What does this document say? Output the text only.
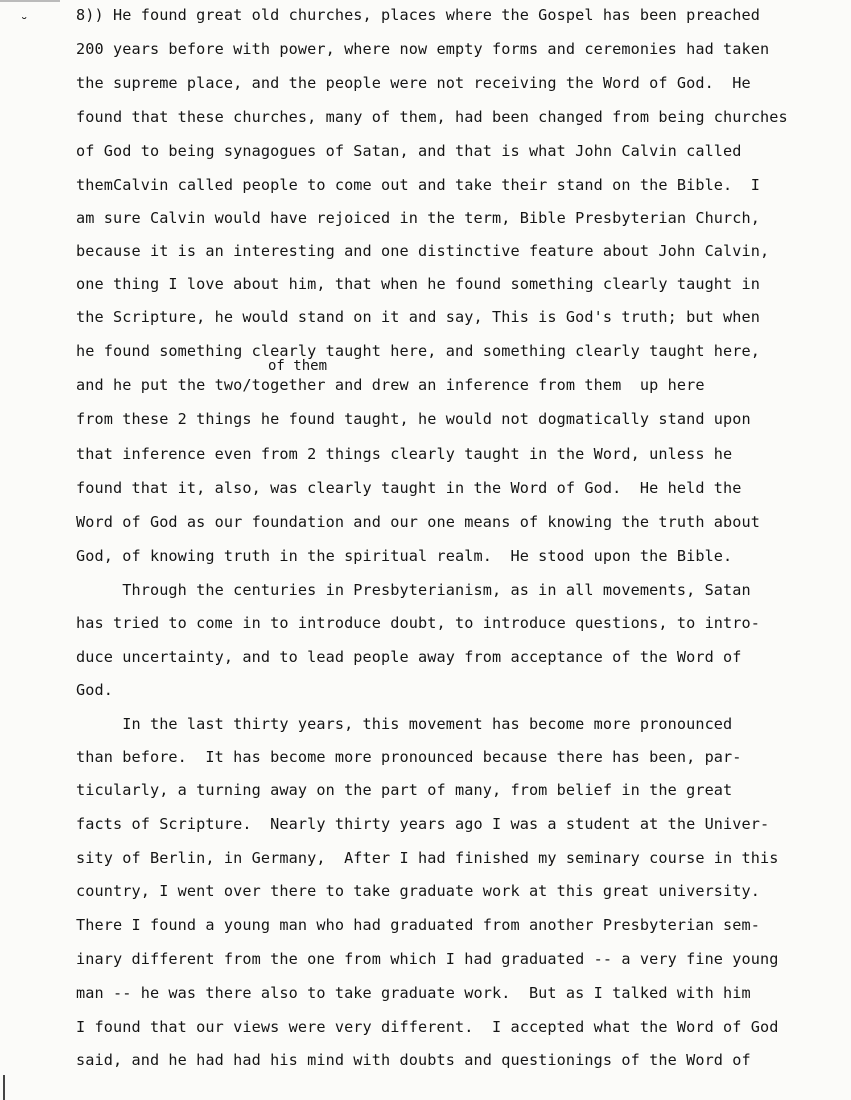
˘	8)) He found great old churches, places where the Gospel has been preached
200 years before with power, where now empty forms and ceremonies had taken
the supreme place, and the people were not receiving the Word of God.  He
found that these churches, many of them, had been changed from being churches
of God to being synagogues of Satan, and that is what John Calvin called
themCalvin called people to come out and take their stand on the Bible.  I
am sure Calvin would have rejoiced in the term, Bible Presbyterian Church,
because it is an interesting and one distinctive feature about John Calvin,
one thing I love about him, that when he found something clearly taught in
the Scripture, he would stand on it and say, This is God's truth; but when
he found something clearly taught here, and something clearly taught here,
of them
and he put the two/together and drew an inference from them  up here
from these 2 things he found taught, he would not dogmatically stand upon
that inference even from 2 things clearly taught in the Word, unless he
found that it, also, was clearly taught in the Word of God.  He held the
Word of God as our foundation and our one means of knowing the truth about
God, of knowing truth in the spiritual realm.  He stood upon the Bible.
Through the centuries in Presbyterianism, as in all movements, Satan
has tried to come in to introduce doubt, to introduce questions, to intro-
duce uncertainty, and to lead people away from acceptance of the Word of
God.
In the last thirty years, this movement has become more pronounced
than before.  It has become more pronounced because there has been, par-
ticularly, a turning away on the part of many, from belief in the great
facts of Scripture.  Nearly thirty years ago I was a student at the Univer-
sity of Berlin, in Germany,  After I had finished my seminary course in this
country, I went over there to take graduate work at this great university.
There I found a young man who had graduated from another Presbyterian sem-
inary different from the one from which I had graduated -- a very fine young
man -- he was there also to take graduate work.  But as I talked with him
I found that our views were very different.  I accepted what the Word of God
said, and he had had his mind with doubts and questionings of the Word of
